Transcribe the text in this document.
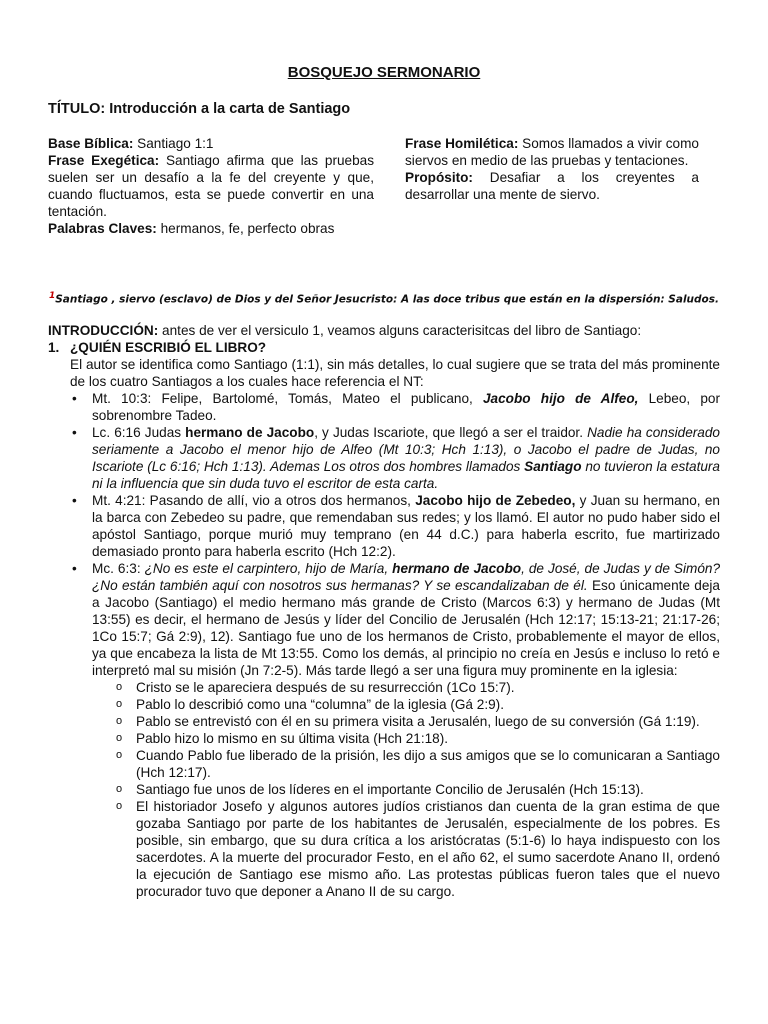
BOSQUEJO SERMONARIO
TÍTULO: Introducción a la carta de Santiago
Base Bíblica: Santiago 1:1
Frase Exegética: Santiago afirma que las pruebas suelen ser un desafío a la fe del creyente y que, cuando fluctuamos, esta se puede convertir en una tentación.
Palabras Claves: hermanos, fe, perfecto obras
Frase Homilética: Somos llamados a vivir como siervos en medio de las pruebas y tentaciones.
Propósito: Desafiar a los creyentes a desarrollar una mente de siervo.
$^1$Santiago , siervo (esclavo) de Dios y del Señor Jesucristo: A las doce tribus que están en la dispersión: Saludos.

INTRODUCCIÓN: antes de ver el versiculo 1, veamos alguns caracterisitcas del libro de Santiago:

1. ¿QUIÉN ESCRIBIÓ EL LIBRO?

El autor se identifica como Santiago (1:1), sin más detalles, lo cual sugiere que se trata del más prominente de los cuatro Santiagos a los cuales hace referencia el NT:

• Mt. 10:3: Felipe, Bartolomé, Tomás, Mateo el publicano, Jacobo hijo de Alfeo, Lebeo, por sobrenombre Tadeo.
• Lc. 6:16 Judas hermano de Jacobo, y Judas Iscariote, que llegó a ser el traidor. Nadie ha considerado seriamente a Jacobo el menor hijo de Alfeo (Mt 10:3; Hch 1:13), o Jacobo el padre de Judas, no Iscariote (Lc 6:16; Hch 1:13). Ademas Los otros dos hombres llamados Santiago no tuvieron la estatura ni la influencia que sin duda tuvo el escritor de esta carta.
• Mt. 4:21: Pasando de allí, vio a otros dos hermanos, Jacobo hijo de Zebedeo, y Juan su hermano, en la barca con Zebedeo su padre, que remendaban sus redes; y los llamó. El autor no pudo haber sido el apóstol Santiago, porque murió muy temprano (en 44 d.C.) para haberla escrito, fue martirizado demasiado pronto para haberla escrito (Hch 12:2).
• Mc. 6:3: ¿No es este el carpintero, hijo de María, hermano de Jacobo, de José, de Judas y de Simón? ¿No están también aquí con nosotros sus hermanas? Y se escandalizaban de él. Eso únicamente deja a Jacobo (Santiago) el medio hermano más grande de Cristo (Marcos 6:3) y hermano de Judas (Mt 13:55) es decir, el hermano de Jesús y líder del Concilio de Jerusalén (Hch 12:17; 15:13-21; 21:17-26; 1Co 15:7; Gá 2:9), 12). Santiago fue uno de los hermanos de Cristo, probablemente el mayor de ellos, ya que encabeza la lista de Mt 13:55. Como los demás, al principio no creía en Jesús e incluso lo retó e interpretó mal su misión (Jn 7:2-5). Más tarde llegó a ser una figura muy prominente en la iglesia:
o Cristo se le apareciera después de su resurrección (1Co 15:7).
o Pablo lo describió como una “columna” de la iglesia (Gá 2:9).
o Pablo se entrevistó con él en su primera visita a Jerusalén, luego de su conversión (Gá 1:19).
o Pablo hizo lo mismo en su última visita (Hch 21:18).
o Cuando Pablo fue liberado de la prisión, les dijo a sus amigos que se lo comunicaran a Santiago (Hch 12:17).
o Santiago fue unos de los líderes en el importante Concilio de Jerusalén (Hch 15:13).
o El historiador Josefo y algunos autores judíos cristianos dan cuenta de la gran estima de que gozaba Santiago por parte de los habitantes de Jerusalén, especialmente de los pobres. Es posible, sin embargo, que su dura crítica a los aristócratas (5:1-6) lo haya indispuesto con los sacerdotes. A la muerte del procurador Festo, en el año 62, el sumo sacerdote Anano II, ordenó la ejecución de Santiago ese mismo año. Las protestas públicas fueron tales que el nuevo procurador tuvo que deponer a Anano II de su cargo.
